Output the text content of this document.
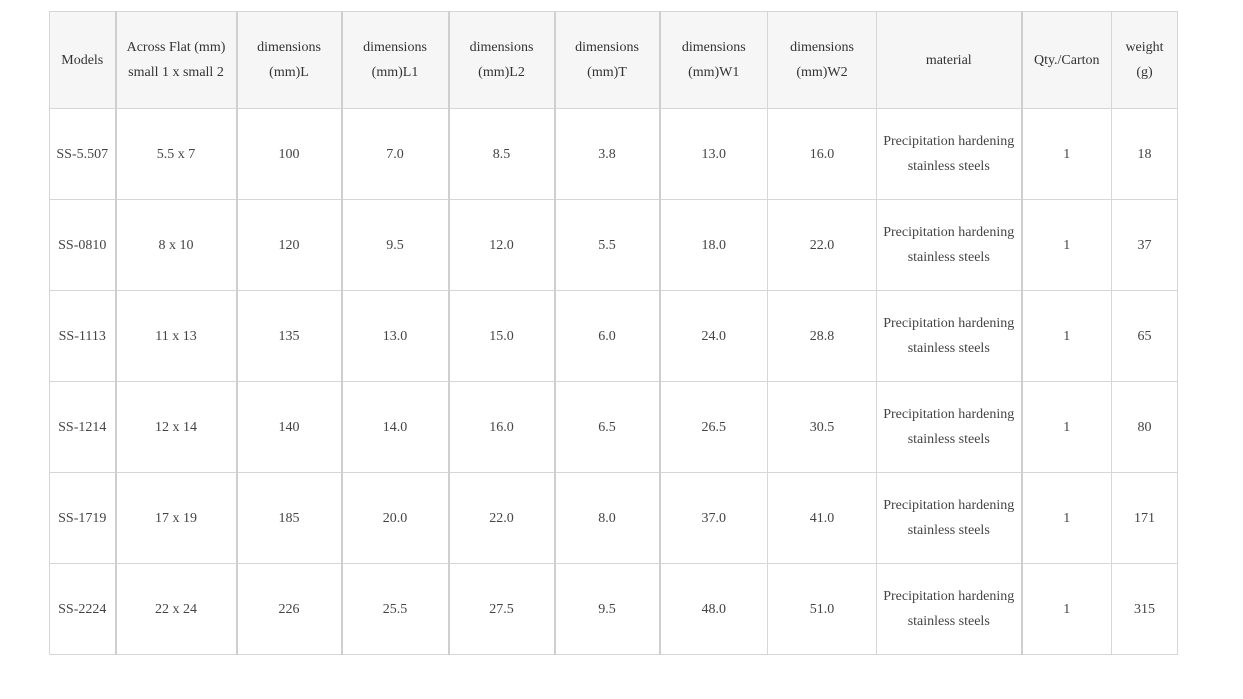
Models	Across Flat (mm) small 1 x small 2	dimensions (mm)L	dimensions (mm)L1	dimensions (mm)L2	dimensions (mm)T	dimensions (mm)W1	dimensions (mm)W2	material	Qty./Carton	weight (g)
SS-5.507	5.5 x 7	100	7.0	8.5	3.8	13.0	16.0	Precipitation hardening stainless steels	1	18
SS-0810	8 x 10	120	9.5	12.0	5.5	18.0	22.0	Precipitation hardening stainless steels	1	37
SS-1113	11 x 13	135	13.0	15.0	6.0	24.0	28.8	Precipitation hardening stainless steels	1	65
SS-1214	12 x 14	140	14.0	16.0	6.5	26.5	30.5	Precipitation hardening stainless steels	1	80
SS-1719	17 x 19	185	20.0	22.0	8.0	37.0	41.0	Precipitation hardening stainless steels	1	171
SS-2224	22 x 24	226	25.5	27.5	9.5	48.0	51.0	Precipitation hardening stainless steels	1	315
